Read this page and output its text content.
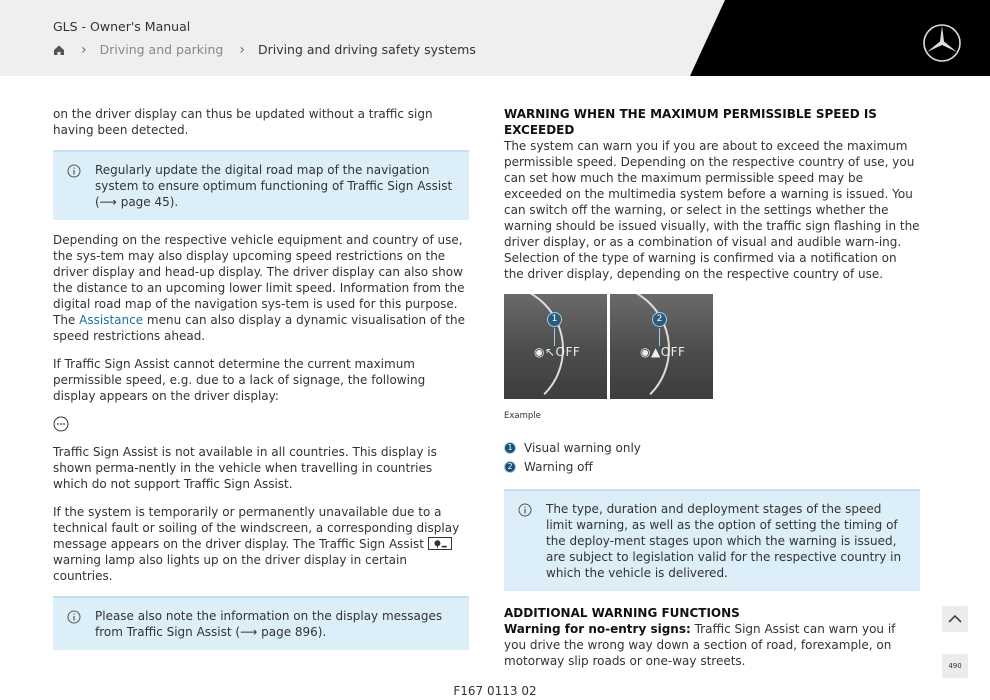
GLS - Owner's Manual
› Driving and parking › Driving and driving safety systems

on the driver display can thus be updated without a traffic sign having been detected.

Regularly update the digital road map of the navigation system to ensure optimum functioning of Traffic Sign Assist (⟶ page 45).

Depending on the respective vehicle equipment and country of use, the sys-tem may also display upcoming speed restrictions on the driver display and head-up display. The driver display can also show the distance to an upcoming lower limit speed. Information from the digital road map of the navigation sys-tem is used for this purpose. The Assistance menu can also display a dynamic visualisation of the speed restrictions ahead.

If Traffic Sign Assist cannot determine the current maximum permissible speed, e.g. due to a lack of signage, the following display appears on the driver display:

Traffic Sign Assist is not available in all countries. This display is shown perma-nently in the vehicle when travelling in countries which do not support Traffic Sign Assist.

If the system is temporarily or permanently unavailable due to a technical fault or soiling of the windscreen, a corresponding display message appears on the driver display. The Traffic Sign Assist  warning lamp also lights up on the driver display in certain countries.

Please also note the information on the display messages from Traffic Sign Assist (⟶ page 896).
WARNING WHEN THE MAXIMUM PERMISSIBLE SPEED IS EXCEEDED

The system can warn you if you are about to exceed the maximum permissible speed. Depending on the respective country of use, you can set how much the maximum permissible speed may be exceeded on the multimedia system before a warning is issued. You can switch off the warning, or select in the settings whether the warning should be issued visually, with the traffic sign flashing in the driver display, or as a combination of visual and audible warn-ing. Selection of the type of warning is confirmed via a notification on the driver display, depending on the respective country of use.

1
◉↖OFF
2
◉▲OFF
Example
1 Visual warning only
2 Warning off
The type, duration and deployment stages of the speed limit warning, as well as the option of setting the timing of the deploy-ment stages upon which the warning is issued, are subject to legislation valid for the respective country in which the vehicle is delivered.
ADDITIONAL WARNING FUNCTIONS

Warning for no-entry signs: Traffic Sign Assist can warn you if you drive the wrong way down a section of road, forexample, on motorway slip roads or one-way streets.	490
F167 0113 02
